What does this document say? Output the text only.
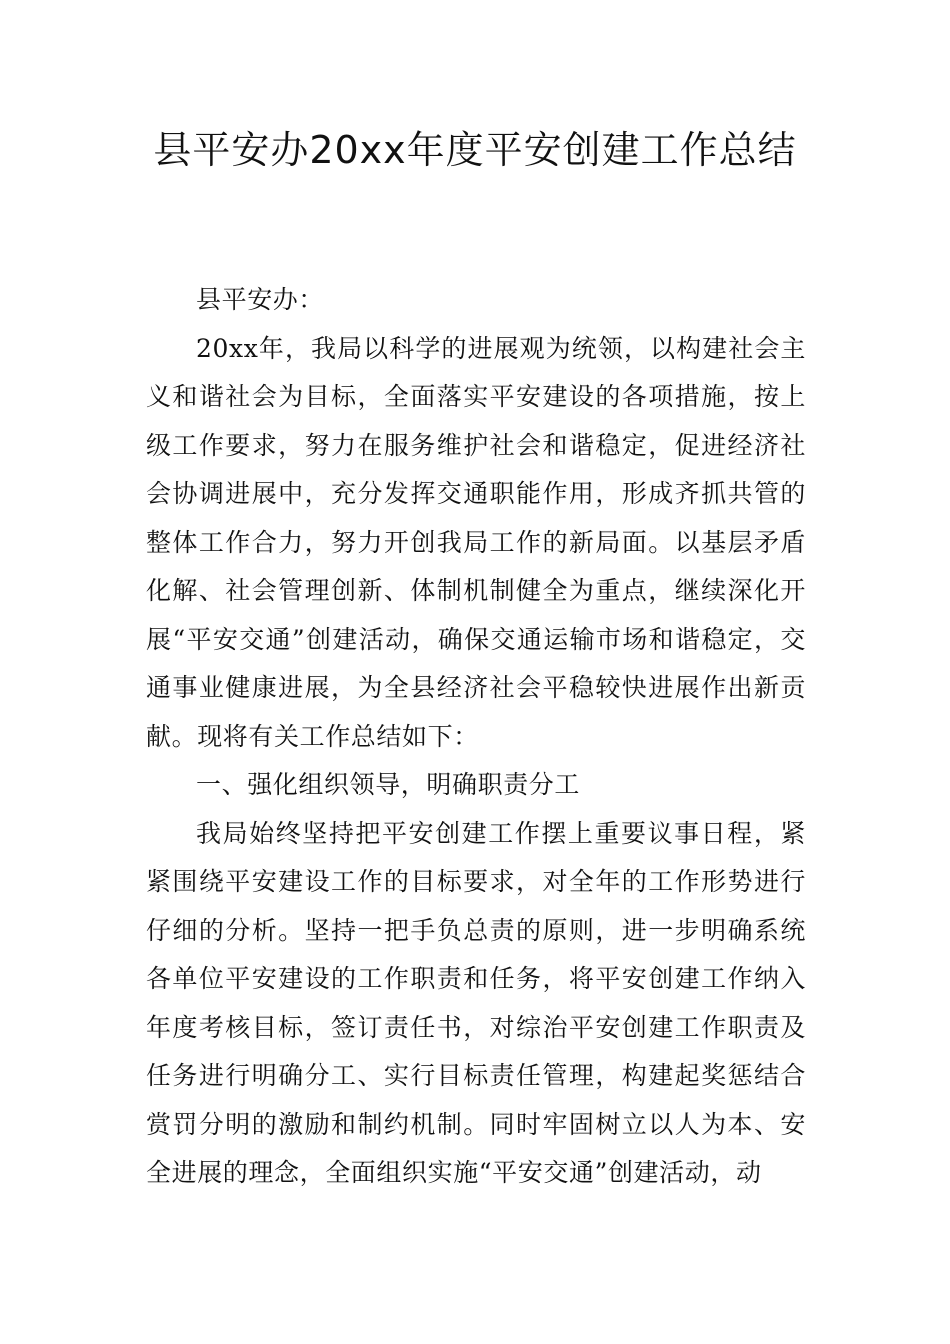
县平安办20xx年度平安创建工作总结

县平安办：

20xx年，我局以科学的进展观为统领，以构建社会主义和谐社会为目标，全面落实平安建设的各项措施，按上级工作要求，努力在服务维护社会和谐稳定，促进经济社会协调进展中，充分发挥交通职能作用，形成齐抓共管的整体工作合力，努力开创我局工作的新局面。以基层矛盾化解、社会管理创新、体制机制健全为重点，继续深化开展“平安交通”创建活动，确保交通运输市场和谐稳定，交通事业健康进展，为全县经济社会平稳较快进展作出新贡献。现将有关工作总结如下：

一、强化组织领导，明确职责分工

我局始终坚持把平安创建工作摆上重要议事日程，紧紧围绕平安建设工作的目标要求，对全年的工作形势进行仔细的分析。坚持一把手负总责的原则，进一步明确系统各单位平安建设的工作职责和任务，将平安创建工作纳入年度考核目标，签订责任书，对综治平安创建工作职责及任务进行明确分工、实行目标责任管理，构建起奖惩结合赏罚分明的激励和制约机制。同时牢固树立以人为本、安全进展的理念，全面组织实施“平安交通”创建活动，动
